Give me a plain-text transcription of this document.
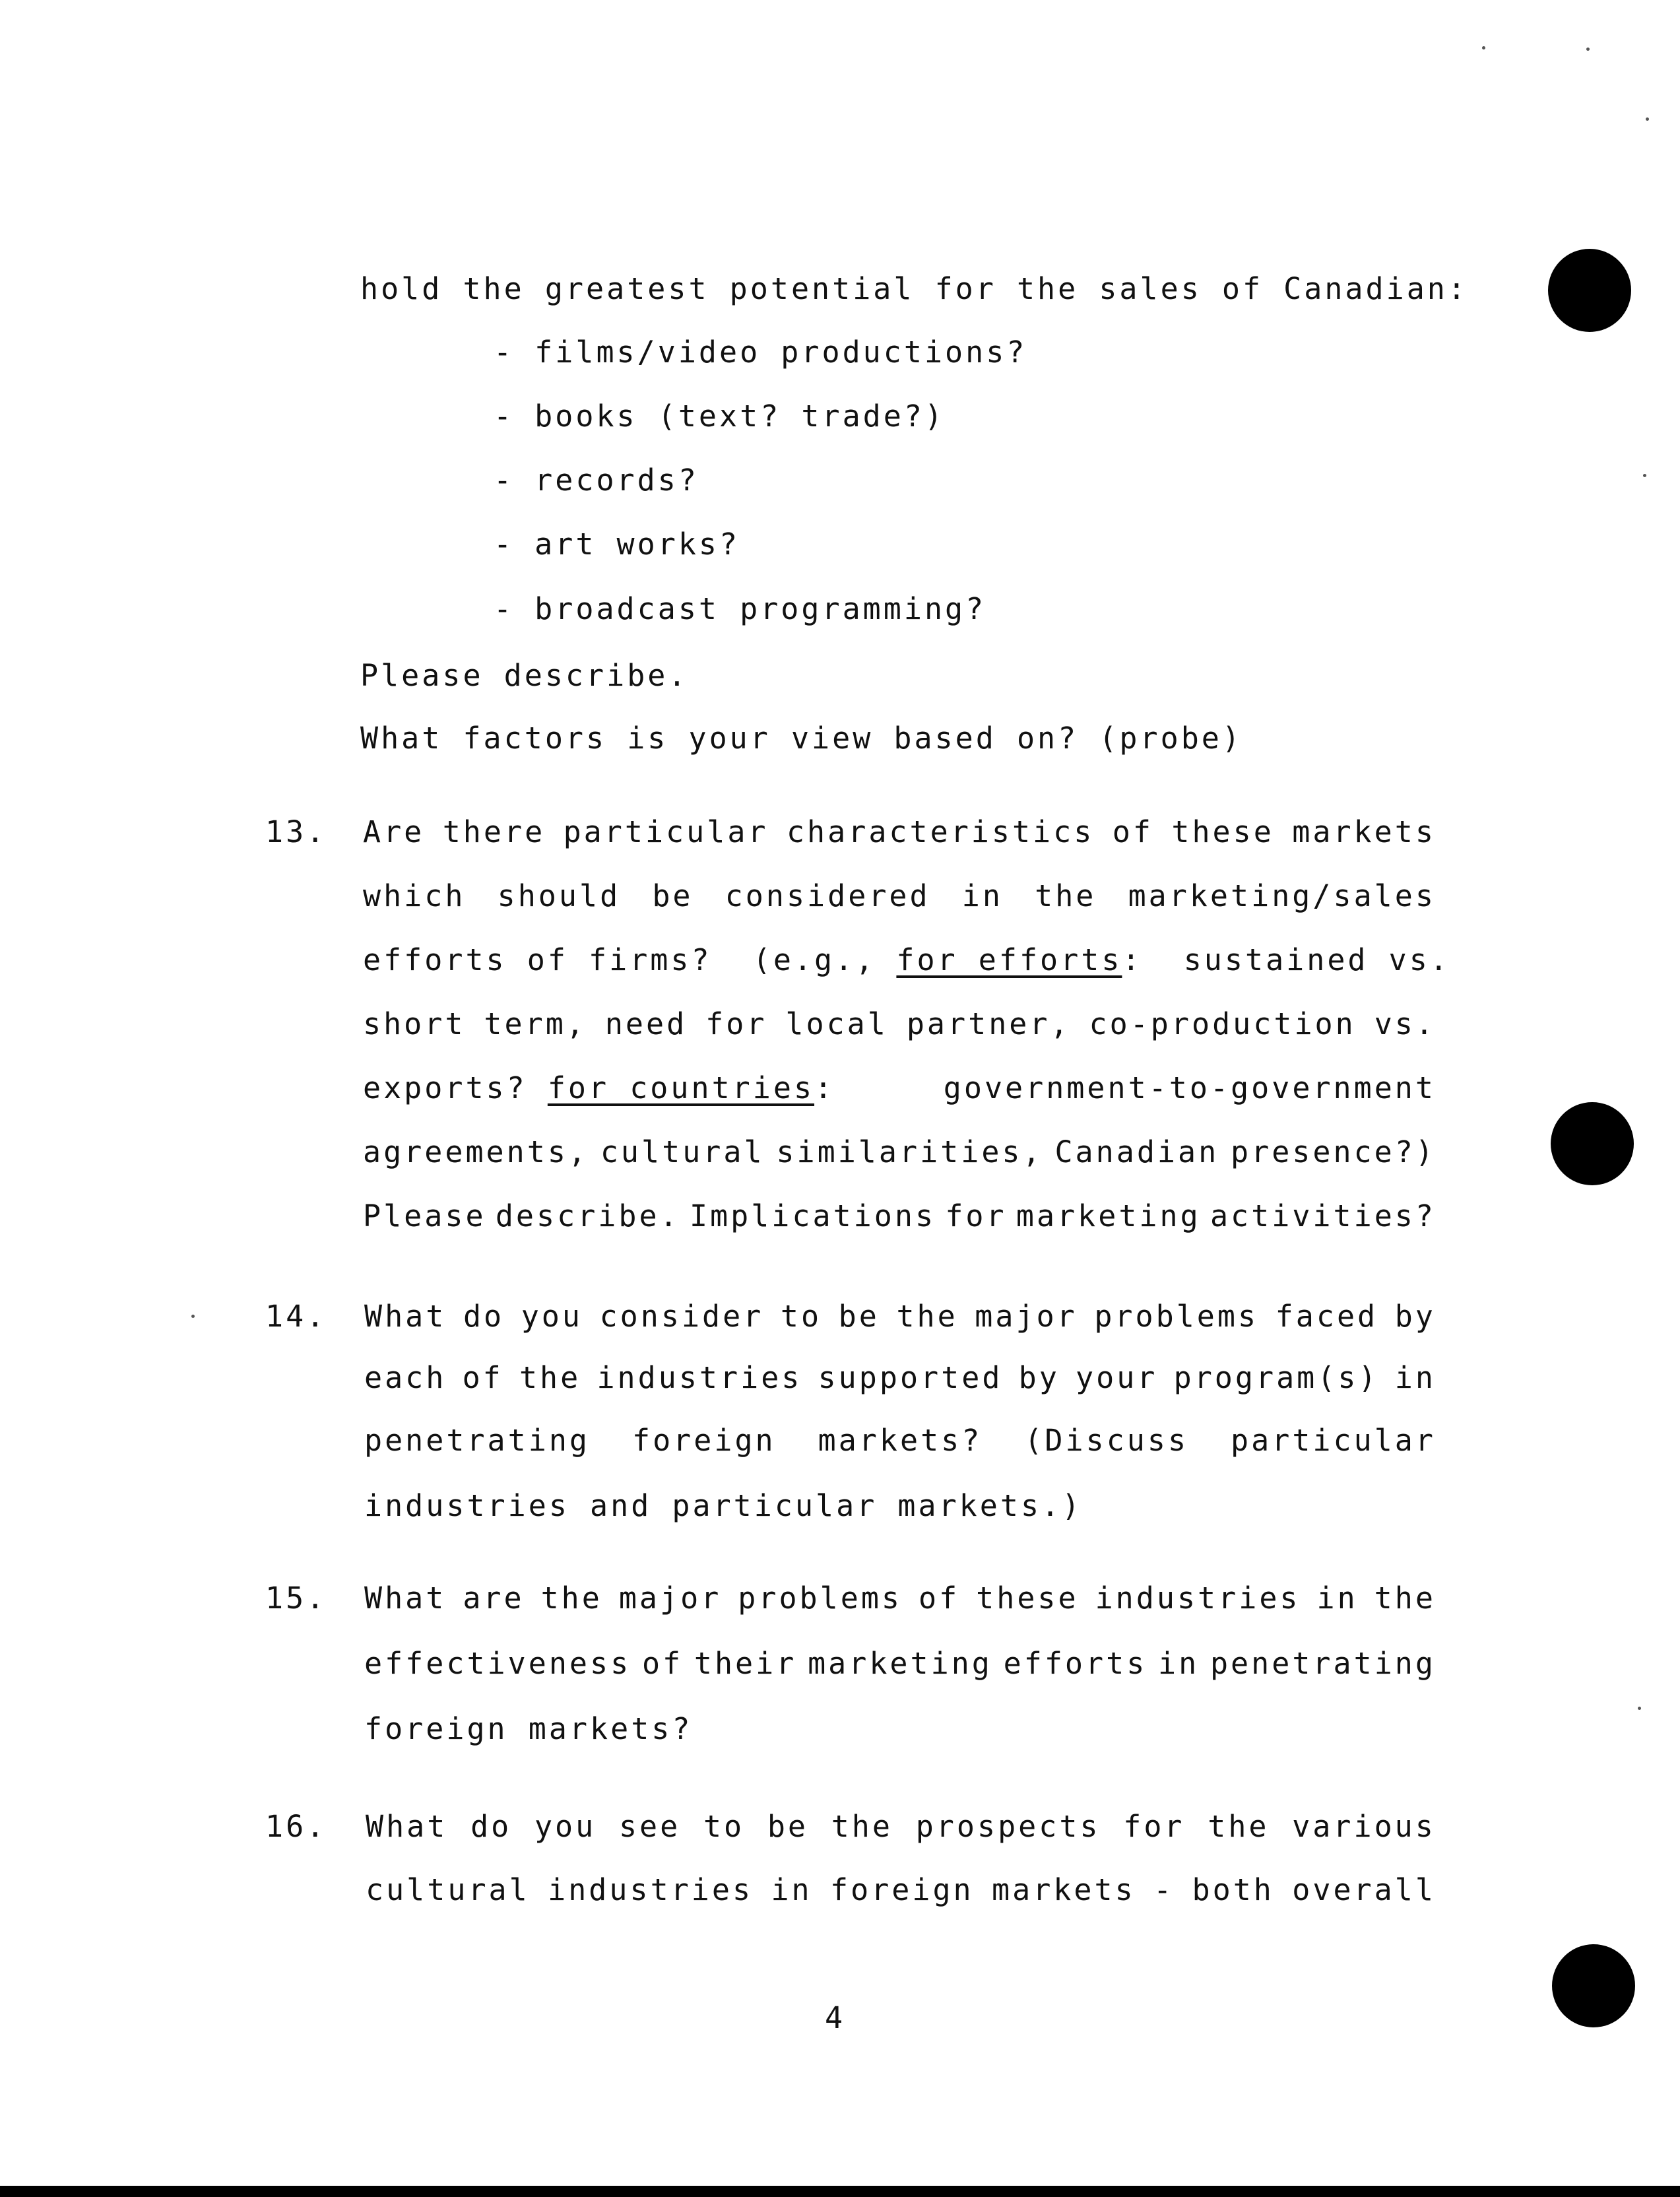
hold the greatest potential for the sales of Canadian:
- films/video productions?
- books (text? trade?)
- records?
- art works?
- broadcast programming?
Please describe.
What factors is your view based on? (probe)
13. Are there particular characteristics of these markets
which should be considered in the marketing/sales
efforts of firms?  (e.g., for efforts:  sustained vs.
short term, need for local partner, co-production vs.
exports? for countries:	government-to-government
agreements, cultural similarities, Canadian presence?)
Please describe. Implications for marketing activities?
14. What do you consider to be the major problems faced by
each of the industries supported by your program(s) in
penetrating foreign markets? (Discuss particular
industries and particular markets.)
15. What are the major problems of these industries in the
effectiveness of their marketing efforts in penetrating
foreign markets?
16. What do you see to be the prospects for the various
cultural industries in foreign markets - both overall
4
